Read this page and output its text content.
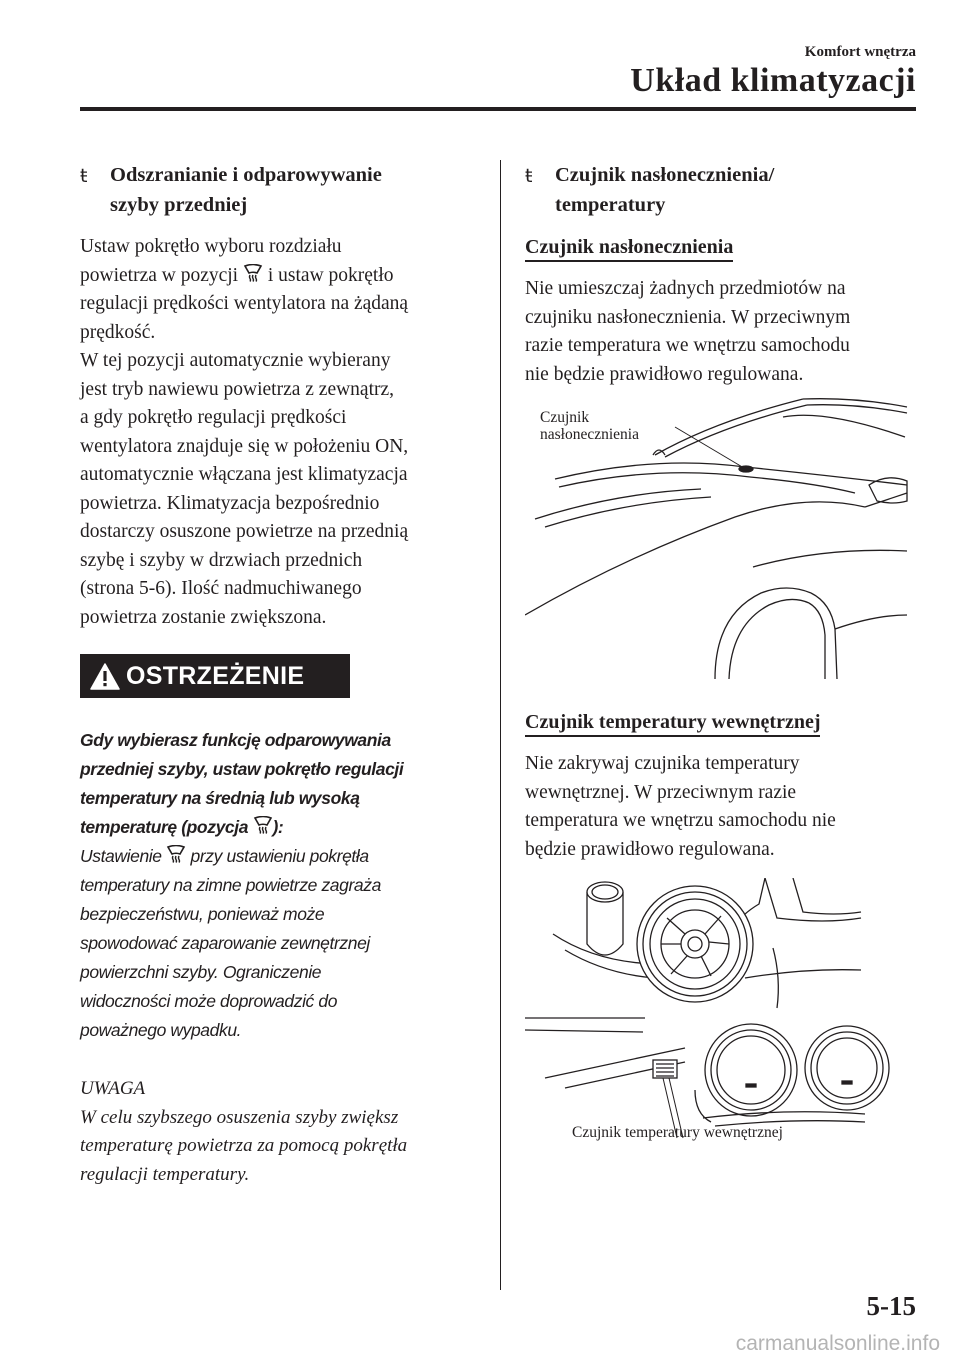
Komfort wnętrza
Układ klimatyzacji
ŧ Odszranianie i odparowywanie
szyby przedniej

Ustaw pokrętło wyboru rozdziału

powietrza w pozycji i ustaw pokrętło

regulacji prędkości wentylatora na żądaną

prędkość.

W tej pozycji automatycznie wybierany

jest tryb nawiewu powietrza z zewnątrz,

a gdy pokrętło regulacji prędkości

wentylatora znajduje się w położeniu ON,

automatycznie włączana jest klimatyzacja

powietrza. Klimatyzacja bezpośrednio

dostarczy osuszone powietrze na przednią

szybę i szyby w drzwiach przednich

(strona 5-6). Ilość nadmuchiwanego

powietrza zostanie zwiększona.

OSTRZEŻENIE
Gdy wybierasz funkcję odparowywania
przedniej szyby, ustaw pokrętło regulacji
temperatury na średnią lub wysoką
temperaturę (pozycja ):
Ustawienie przy ustawieniu pokrętła
temperatury na zimne powietrze zagraża
bezpieczeństwu, ponieważ może
spowodować zaparowanie zewnętrznej
powierzchni szyby. Ograniczenie
widoczności może doprowadzić do
poważnego wypadku.
UWAGA
W celu szybszego osuszenia szyby zwiększ
temperaturę powietrza za pomocą pokrętła
regulacji temperatury.
ŧ Czujnik nasłonecznienia/
temperatury
Czujnik nasłonecznienia

Nie umieszczaj żadnych przedmiotów na

czujniku nasłonecznienia. W przeciwnym

razie temperatura we wnętrzu samochodu

nie będzie prawidłowo regulowana.

Czujnik
nasłonecznienia
Czujnik temperatury wewnętrznej

Nie zakrywaj czujnika temperatury

wewnętrznej. W przeciwnym razie

temperatura we wnętrzu samochodu nie

będzie prawidłowo regulowana.

Czujnik temperatury wewnętrznej
5-15
carmanualsonline.info
